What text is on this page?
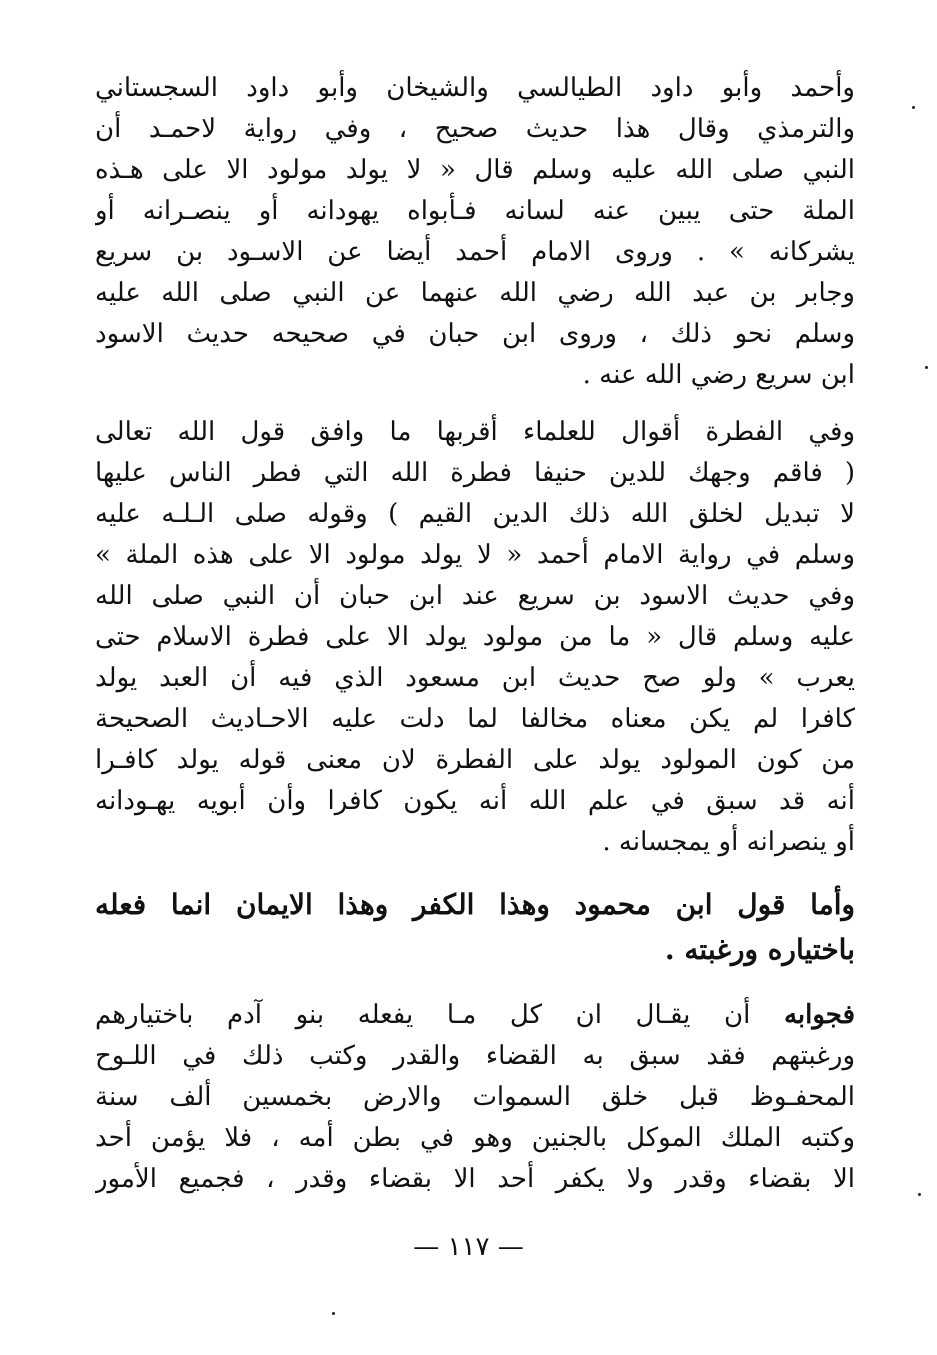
وأحمد وأبو داود الطيالسي والشيخان وأبو داود السجستاني
والترمذي وقال هذا حديث صحيح ، وفي رواية لاحمـد أن
النبي صلى الله عليه وسلم قال « لا يولد مولود الا على هـذه
الملة حتى يبين عنه لسانه فـأبواه يهودانه أو ينصـرانه أو
يشركانه » . وروى الامام أحمد أيضا عن الاسـود بن سريع
وجابر بن عبد الله رضي الله عنهما عن النبي صلى الله عليه
وسلم نحو ذلك ، وروى ابن حبان في صحيحه حديث الاسود
ابن سريع رضي الله عنه .
وفي الفطرة أقوال للعلماء أقربها ما وافق قول الله تعالى
( فاقم وجهك للدين حنيفا فطرة الله التي فطر الناس عليها
لا تبديل لخلق الله ذلك الدين القيم ) وقوله صلى الـلـه عليه
وسلم في رواية الامام أحمد « لا يولد مولود الا على هذه الملة »
وفي حديث الاسود بن سريع عند ابن حبان أن النبي صلى الله
عليه وسلم قال « ما من مولود يولد الا على فطرة الاسلام حتى
يعرب » ولو صح حديث ابن مسعود الذي فيه أن العبد يولد
كافرا لم يكن معناه مخالفا لما دلت عليه الاحـاديث الصحيحة
من كون المولود يولد على الفطرة لان معنى قوله يولد كافـرا
أنه قد سبق في علم الله أنه يكون كافرا وأن أبويه يهـودانه
أو ينصرانه أو يمجسانه .
وأما قول ابن محمود وهذا الكفر وهذا الايمان انما فعله
باختياره ورغبته .
فجوابه أن يقـال ان كل مـا يفعله بنو آدم باختيارهم
ورغبتهم فقد سبق به القضاء والقدر وكتب ذلك في اللـوح
المحفـوظ قبل خلق السموات والارض بخمسين ألف سنة
وكتبه الملك الموكل بالجنين وهو في بطن أمه ، فلا يؤمن أحد
الا بقضاء وقدر ولا يكفر أحد الا بقضاء وقدر ، فجميع الأمور
— ١١٧ —
